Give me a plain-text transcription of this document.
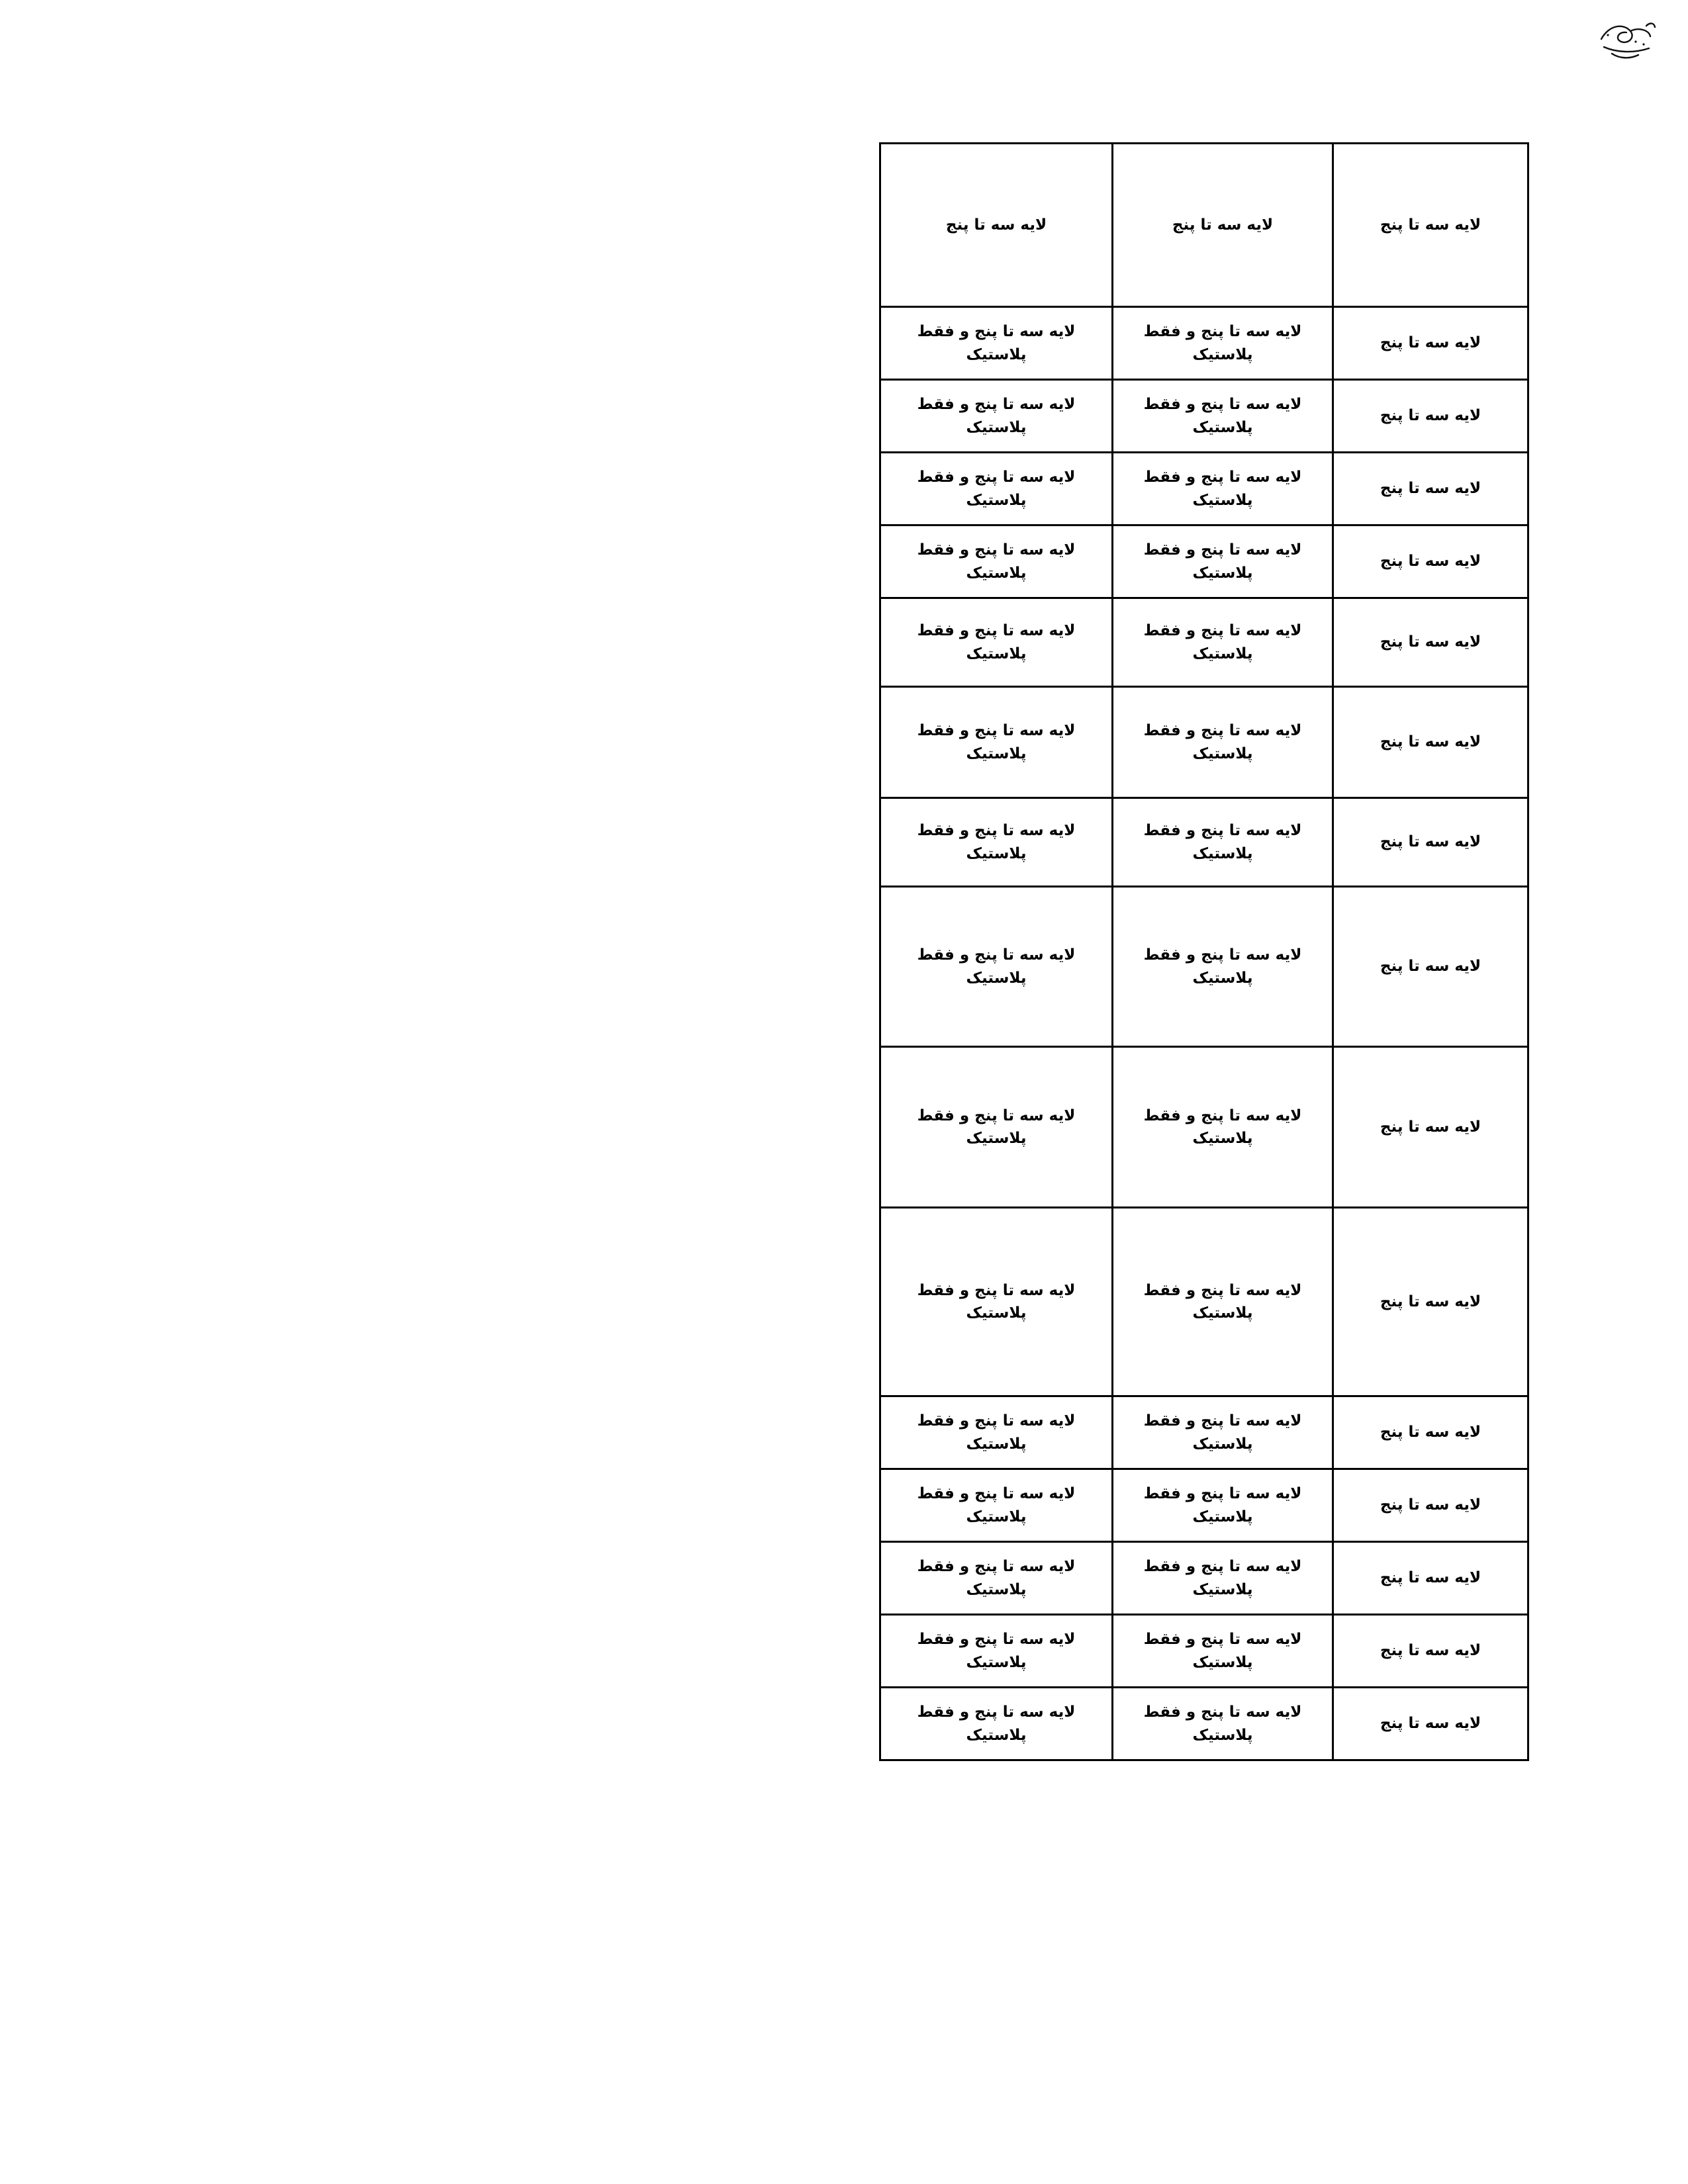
لایه سه تا پنج	لایه سه تا پنج	لایه سه تا پنج
لایه سه تا پنج	لایه سه تا پنج و فقط پلاستیک	لایه سه تا پنج و فقط پلاستیک
لایه سه تا پنج	لایه سه تا پنج و فقط پلاستیک	لایه سه تا پنج و فقط پلاستیک
لایه سه تا پنج	لایه سه تا پنج و فقط پلاستیک	لایه سه تا پنج و فقط پلاستیک
لایه سه تا پنج	لایه سه تا پنج و فقط پلاستیک	لایه سه تا پنج و فقط پلاستیک
لایه سه تا پنج	لایه سه تا پنج و فقط پلاستیک	لایه سه تا پنج و فقط پلاستیک
لایه سه تا پنج	لایه سه تا پنج و فقط پلاستیک	لایه سه تا پنج و فقط پلاستیک
لایه سه تا پنج	لایه سه تا پنج و فقط پلاستیک	لایه سه تا پنج و فقط پلاستیک
لایه سه تا پنج	لایه سه تا پنج و فقط پلاستیک	لایه سه تا پنج و فقط پلاستیک
لایه سه تا پنج	لایه سه تا پنج و فقط پلاستیک	لایه سه تا پنج و فقط پلاستیک
لایه سه تا پنج	لایه سه تا پنج و فقط پلاستیک	لایه سه تا پنج و فقط پلاستیک
لایه سه تا پنج	لایه سه تا پنج و فقط پلاستیک	لایه سه تا پنج و فقط پلاستیک
لایه سه تا پنج	لایه سه تا پنج و فقط پلاستیک	لایه سه تا پنج و فقط پلاستیک
لایه سه تا پنج	لایه سه تا پنج و فقط پلاستیک	لایه سه تا پنج و فقط پلاستیک
لایه سه تا پنج	لایه سه تا پنج و فقط پلاستیک	لایه سه تا پنج و فقط پلاستیک
لایه سه تا پنج	لایه سه تا پنج و فقط پلاستیک	لایه سه تا پنج و فقط پلاستیک
